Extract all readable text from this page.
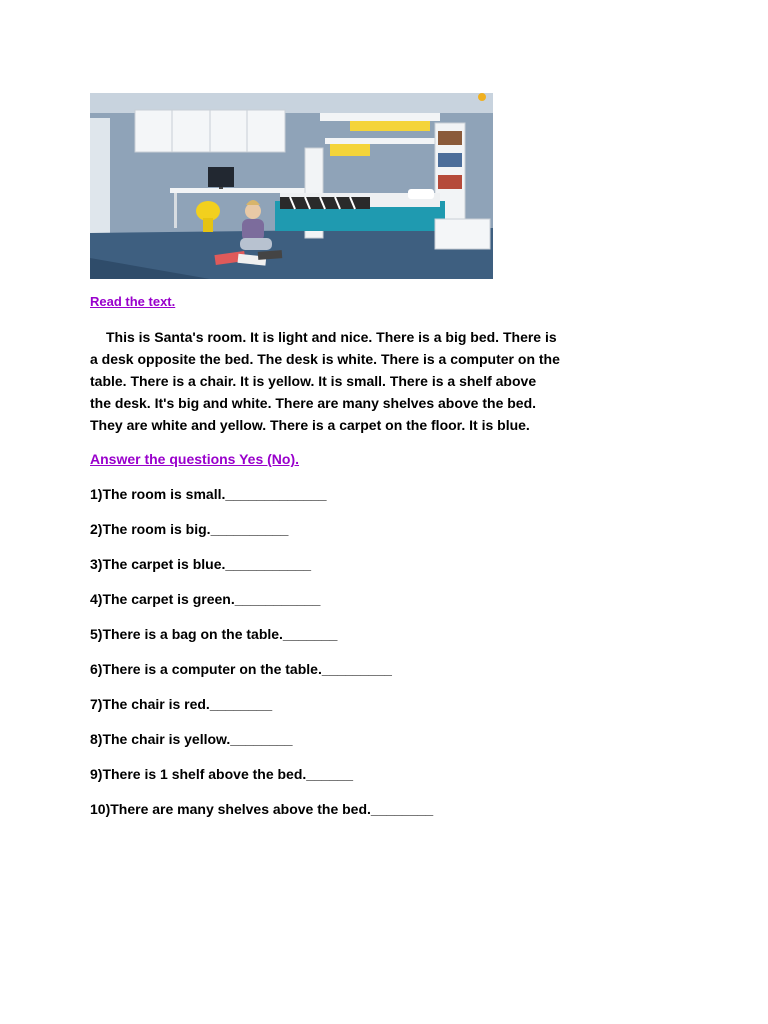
Read the text.

This is Santa's room. It is light and nice. There is a big bed. There is
a desk opposite the bed. The desk is white. There is a computer on the
table. There is a chair. It is yellow. It is small. There is a shelf above
the desk. It's big and white. There are many shelves above the bed.
They are white and yellow. There is a carpet on the floor. It is blue.

Answer the questions Yes (No).
1)The room is small._____________
2)The room is big.__________
3)The carpet is blue.___________
4)The carpet is green.___________
5)There is a bag on the table._______
6)There is a computer on the table._________
7)The chair is red.________
8)The chair is yellow.________
9)There is 1 shelf above the bed.______
10)There are many shelves above the bed.________
